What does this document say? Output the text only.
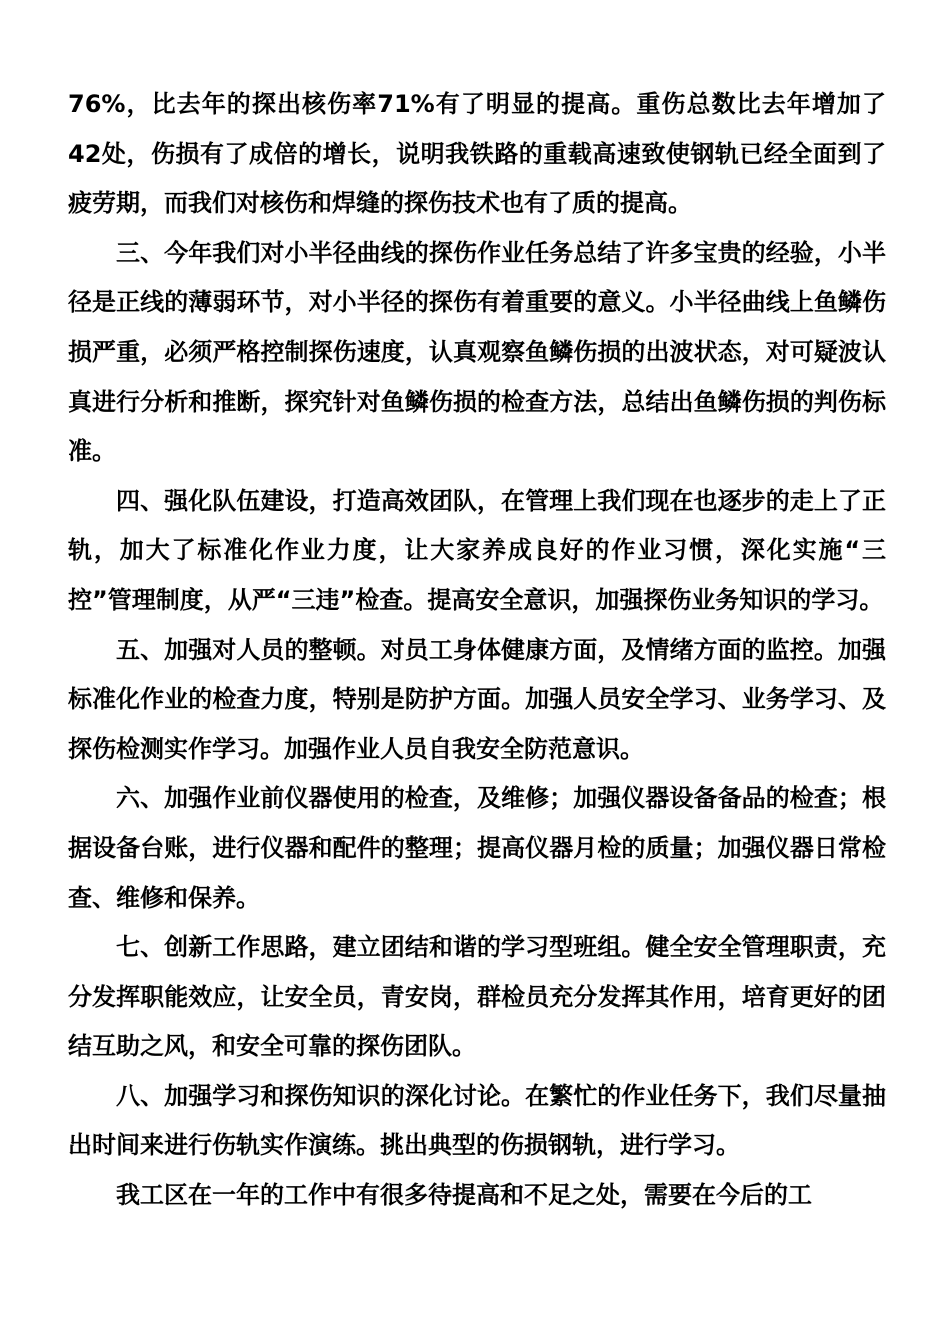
76%，比去年的探出核伤率71%有了明显的提高。重伤总数比去年增加了42处，伤损有了成倍的增长，说明我铁路的重载高速致使钢轨已经全面到了疲劳期，而我们对核伤和焊缝的探伤技术也有了质的提高。

三、今年我们对小半径曲线的探伤作业任务总结了许多宝贵的经验，小半径是正线的薄弱环节，对小半径的探伤有着重要的意义。小半径曲线上鱼鳞伤损严重，必须严格控制探伤速度，认真观察鱼鳞伤损的出波状态，对可疑波认真进行分析和推断，探究针对鱼鳞伤损的检查方法，总结出鱼鳞伤损的判伤标准。

四、强化队伍建设，打造高效团队，在管理上我们现在也逐步的走上了正轨，加大了标准化作业力度，让大家养成良好的作业习惯，深化实施“三控”管理制度，从严“三违”检查。提高安全意识，加强探伤业务知识的学习。

五、加强对人员的整顿。对员工身体健康方面，及情绪方面的监控。加强标准化作业的检查力度，特别是防护方面。加强人员安全学习、业务学习、及探伤检测实作学习。加强作业人员自我安全防范意识。

六、加强作业前仪器使用的检查，及维修；加强仪器设备备品的检查；根据设备台账，进行仪器和配件的整理；提高仪器月检的质量；加强仪器日常检查、维修和保养。

七、创新工作思路，建立团结和谐的学习型班组。健全安全管理职责，充分发挥职能效应，让安全员，青安岗，群检员充分发挥其作用，培育更好的团结互助之风，和安全可靠的探伤团队。

八、加强学习和探伤知识的深化讨论。在繁忙的作业任务下，我们尽量抽出时间来进行伤轨实作演练。挑出典型的伤损钢轨，进行学习。

我工区在一年的工作中有很多待提高和不足之处，需要在今后的工
